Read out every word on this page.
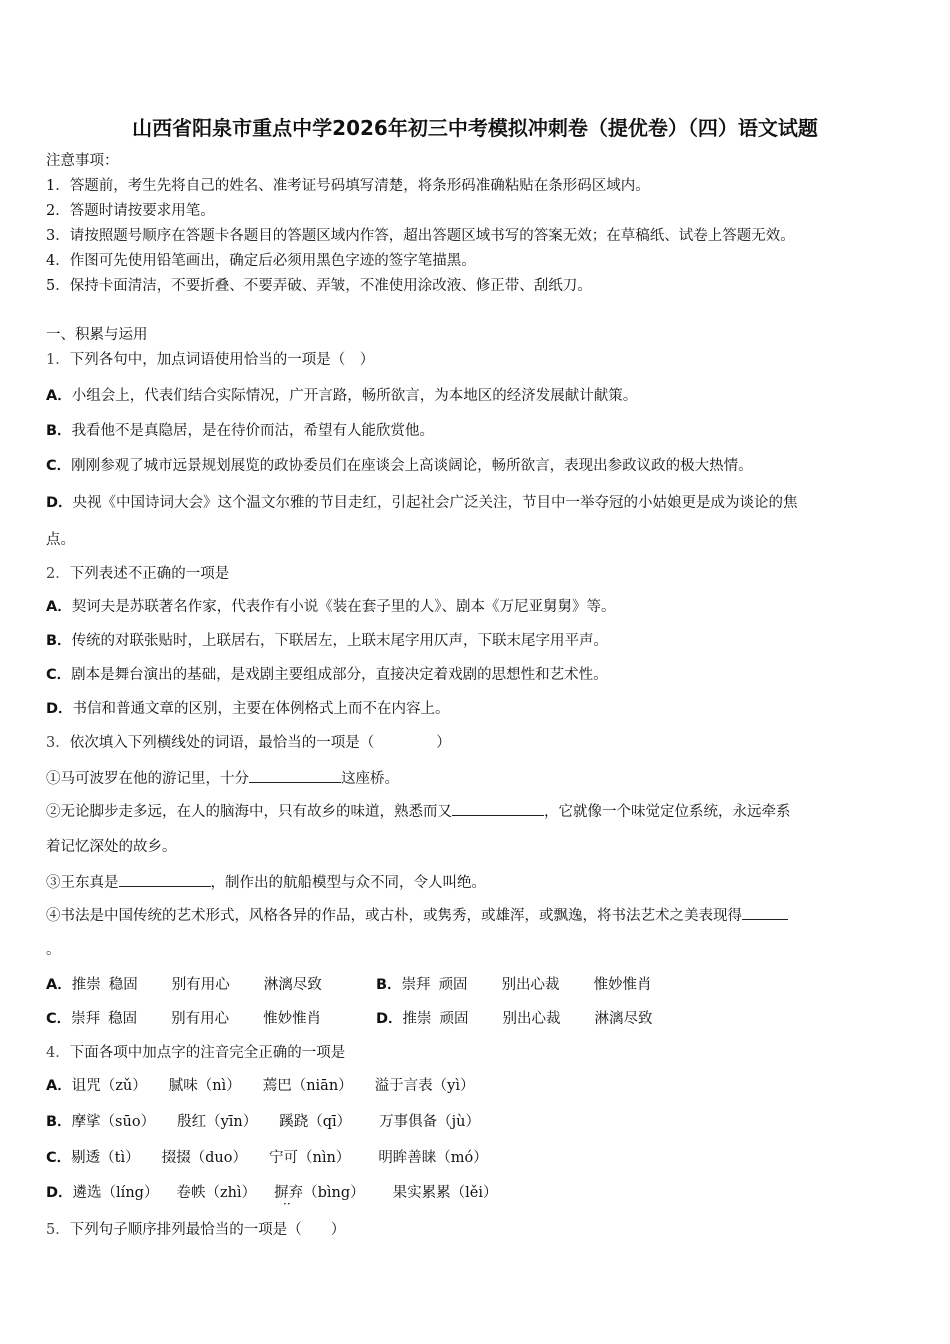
山西省阳泉市重点中学2026年初三中考模拟冲刺卷（提优卷）（四）语文试题
注意事项：
1．答题前，考生先将自己的姓名、准考证号码填写清楚，将条形码准确粘贴在条形码区域内。
2．答题时请按要求用笔。
3．请按照题号顺序在答题卡各题目的答题区域内作答，超出答题区域书写的答案无效；在草稿纸、试卷上答题无效。
4．作图可先使用铅笔画出，确定后必须用黑色字迹的签字笔描黑。
5．保持卡面清洁，不要折叠、不要弄破、弄皱，不准使用涂改液、修正带、刮纸刀。
一、积累与运用
1．下列各句中，加点词语使用恰当的一项是（　）
A．小组会上，代表们结合实际情况，广开言路，畅所欲言，为本地区的经济发展献计献策。
B．我看他不是真隐居，是在待价而沽，希望有人能欣赏他。
C．刚刚参观了城市远景规划展览的政协委员们在座谈会上高谈阔论，畅所欲言，表现出参政议政的极大热情。
D．央视《中国诗词大会》这个温文尔雅的节目走红，引起社会广泛关注，节目中一举夺冠的小姑娘更是成为谈论的焦
点。
2．下列表述不正确的一项是
A．契诃夫是苏联著名作家，代表作有小说《装在套子里的人》、剧本《万尼亚舅舅》等。
B．传统的对联张贴时，上联居右，下联居左，上联末尾字用仄声，下联末尾字用平声。
C．剧本是舞台演出的基础，是戏剧主要组成部分，直接决定着戏剧的思想性和艺术性。
D．书信和普通文章的区别，主要在体例格式上而不在内容上。
3．依次填入下列横线处的词语，最恰当的一项是（	）
①马可波罗在他的游记里，十分	这座桥。
②无论脚步走多远，在人的脑海中，只有故乡的味道，熟悉而又	，它就像一个味觉定位系统，永远牵系
着记忆深处的故乡。
③王东真是	，制作出的航船模型与众不同，令人叫绝。
④书法是中国传统的艺术形式，风格各异的作品，或古朴，或隽秀，或雄浑，或飘逸，将书法艺术之美表现得
。
A．推崇 稳固 别有用心 淋漓尽致	B．崇拜 顽固 别出心裁 惟妙惟肖
C．崇拜 稳固 别有用心 惟妙惟肖	D．推崇 顽固 别出心裁 淋漓尽致
4．下面各项中加点字的注音完全正确的一项是
A．诅咒（zǔ） 腻味（nì） 蔫巴（niān） 溢于言表（yì）
B．摩挲（sūo） 殷红（yīn） 蹊跷（qī） 万事俱备（jù）
C．剔透（tì） 掇掇（duo） 宁可（nìn） 明眸善睐（mó）
D．遴选（líng） 卷帙（zhì） 摒弃（bìng） 果实累累（lěi）
··
5．下列句子顺序排列最恰当的一项是（　　）
